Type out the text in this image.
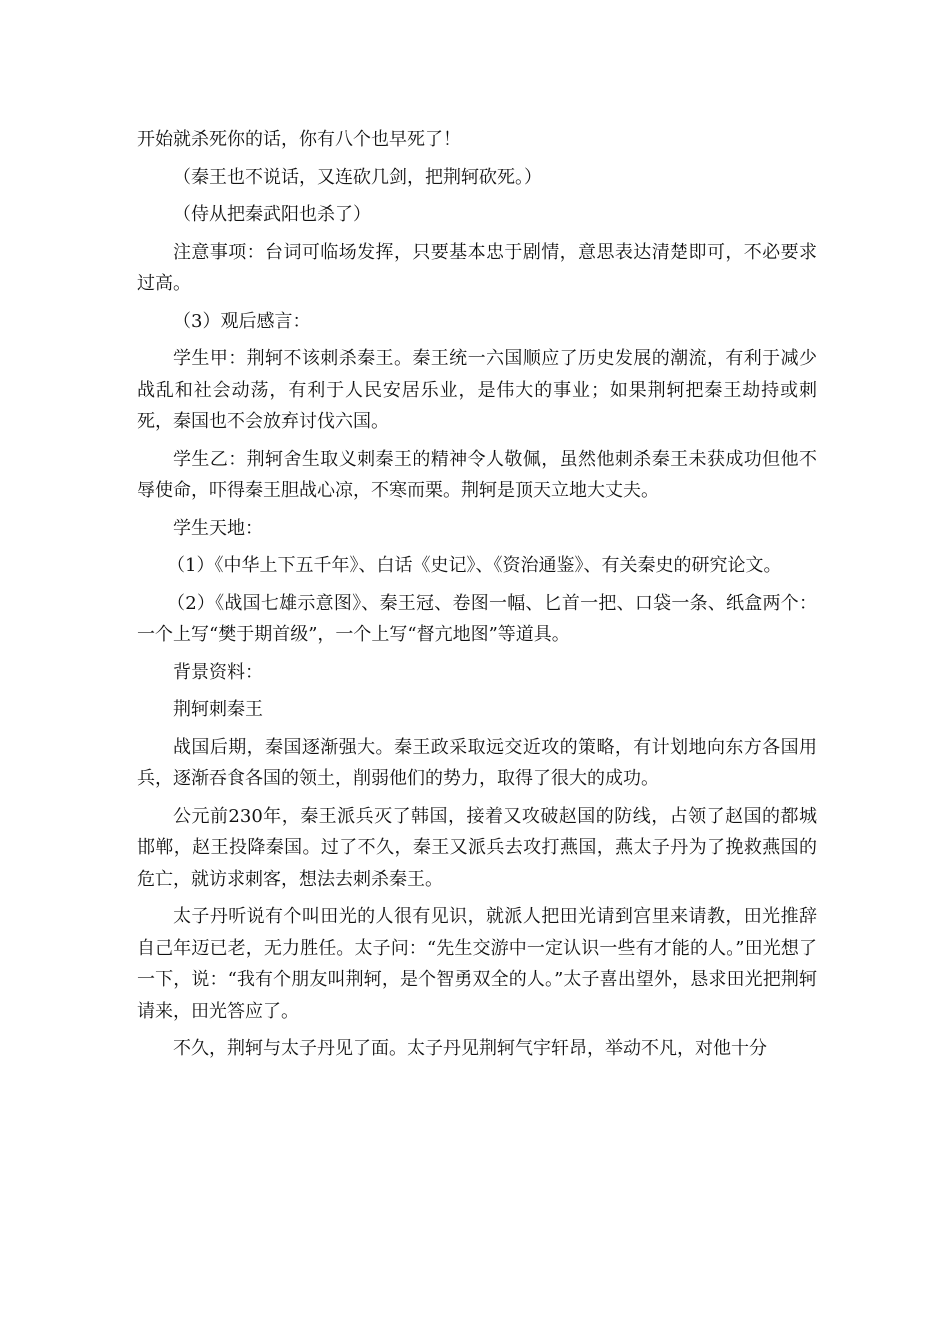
开始就杀死你的话，你有八个也早死了！

（秦王也不说话，又连砍几剑，把荆轲砍死。）

（侍从把秦武阳也杀了）

注意事项：台词可临场发挥，只要基本忠于剧情，意思表达清楚即可，不必要求过高。

（3）观后感言：

学生甲：荆轲不该刺杀秦王。秦王统一六国顺应了历史发展的潮流，有利于减少战乱和社会动荡，有利于人民安居乐业，是伟大的事业；如果荆轲把秦王劫持或刺死，秦国也不会放弃讨伐六国。

学生乙：荆轲舍生取义刺秦王的精神令人敬佩，虽然他刺杀秦王未获成功但他不辱使命，吓得秦王胆战心凉，不寒而栗。荆轲是顶天立地大丈夫。

学生天地：

（1）《中华上下五千年》、白话《史记》、《资治通鉴》、有关秦史的研究论文。

（2）《战国七雄示意图》、秦王冠、卷图一幅、匕首一把、口袋一条、纸盒两个：一个上写“樊于期首级”，一个上写“督亢地图”等道具。

背景资料：

荆轲刺秦王

战国后期，秦国逐渐强大。秦王政采取远交近攻的策略，有计划地向东方各国用兵，逐渐吞食各国的领土，削弱他们的势力，取得了很大的成功。

公元前230年，秦王派兵灭了韩国，接着又攻破赵国的防线，占领了赵国的都城邯郸，赵王投降秦国。过了不久，秦王又派兵去攻打燕国，燕太子丹为了挽救燕国的危亡，就访求刺客，想法去刺杀秦王。

太子丹听说有个叫田光的人很有见识，就派人把田光请到宫里来请教，田光推辞自己年迈已老，无力胜任。太子问：“先生交游中一定认识一些有才能的人。”田光想了一下，说：“我有个朋友叫荆轲，是个智勇双全的人。”太子喜出望外，恳求田光把荆轲请来，田光答应了。

不久，荆轲与太子丹见了面。太子丹见荆轲气宇轩昂，举动不凡，对他十分
